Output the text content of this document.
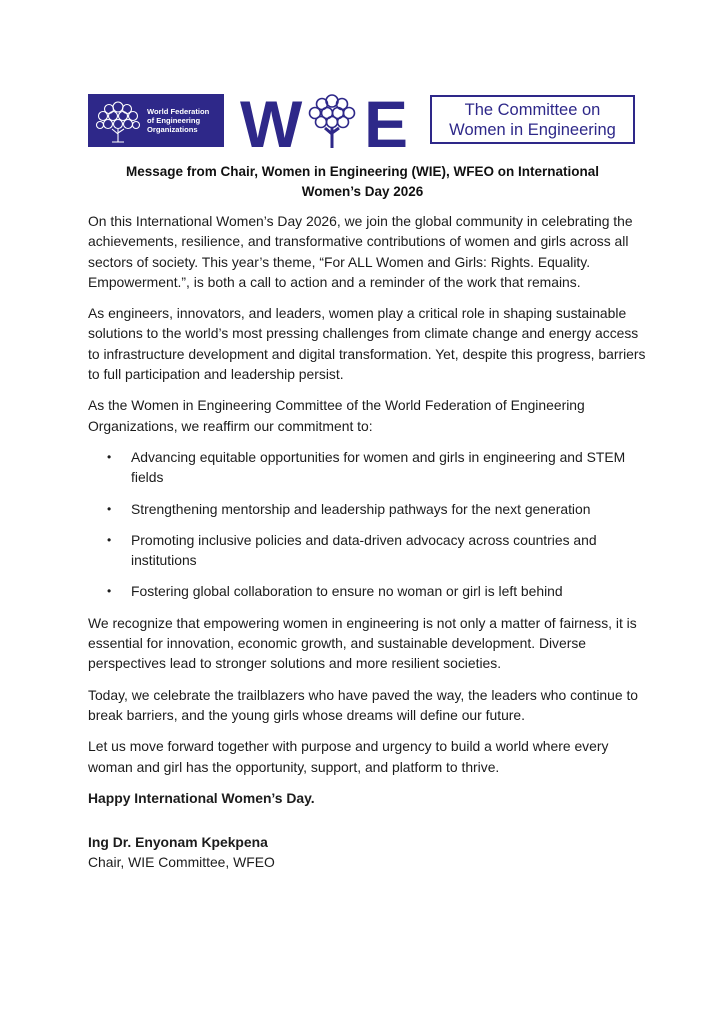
World Federation
of Engineering
Organizations W E	The Committee on
Women in Engineering
Message from Chair, Women in Engineering (WIE), WFEO on International
Women’s Day 2026

On this International Women’s Day 2026, we join the global community in celebrating the achievements, resilience, and transformative contributions of women and girls across all sectors of society. This year’s theme, “For ALL Women and Girls: Rights. Equality. Empowerment.”, is both a call to action and a reminder of the work that remains.

As engineers, innovators, and leaders, women play a critical role in shaping sustainable solutions to the world’s most pressing challenges from climate change and energy access to infrastructure development and digital transformation. Yet, despite this progress, barriers to full participation and leadership persist.

As the Women in Engineering Committee of the World Federation of Engineering Organizations, we reaffirm our commitment to:

• Advancing equitable opportunities for women and girls in engineering and STEM fields
• Strengthening mentorship and leadership pathways for the next generation
• Promoting inclusive policies and data-driven advocacy across countries and institutions
• Fostering global collaboration to ensure no woman or girl is left behind

We recognize that empowering women in engineering is not only a matter of fairness, it is essential for innovation, economic growth, and sustainable development. Diverse perspectives lead to stronger solutions and more resilient societies.

Today, we celebrate the trailblazers who have paved the way, the leaders who continue to break barriers, and the young girls whose dreams will define our future.

Let us move forward together with purpose and urgency to build a world where every woman and girl has the opportunity, support, and platform to thrive.

Happy International Women’s Day.

Ing Dr. Enyonam Kpekpena
Chair, WIE Committee, WFEO
